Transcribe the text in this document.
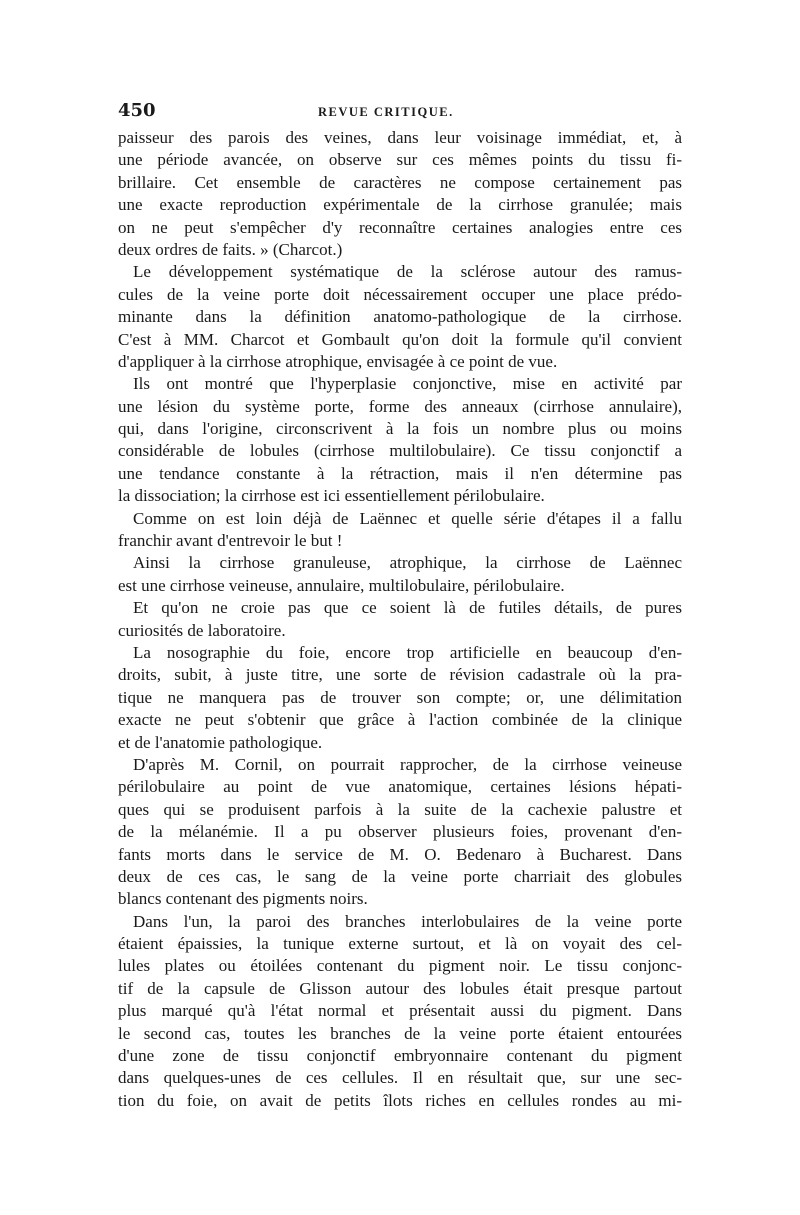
450	REVUE CRITIQUE.
paisseur des parois des veines, dans leur voisinage immédiat, et, à
une période avancée, on observe sur ces mêmes points du tissu fi-
brillaire. Cet ensemble de caractères ne compose certainement pas
une exacte reproduction expérimentale de la cirrhose granulée; mais
on ne peut s'empêcher d'y reconnaître certaines analogies entre ces
deux ordres de faits. » (Charcot.)
Le développement systématique de la sclérose autour des ramus-
cules de la veine porte doit nécessairement occuper une place prédo-
minante dans la définition anatomo-pathologique de la cirrhose.
C'est à MM. Charcot et Gombault qu'on doit la formule qu'il convient
d'appliquer à la cirrhose atrophique, envisagée à ce point de vue.
Ils ont montré que l'hyperplasie conjonctive, mise en activité par
une lésion du système porte, forme des anneaux (cirrhose annulaire),
qui, dans l'origine, circonscrivent à la fois un nombre plus ou moins
considérable de lobules (cirrhose multilobulaire). Ce tissu conjonctif a
une tendance constante à la rétraction, mais il n'en détermine pas
la dissociation; la cirrhose est ici essentiellement périlobulaire.
Comme on est loin déjà de Laënnec et quelle série d'étapes il a fallu
franchir avant d'entrevoir le but !
Ainsi la cirrhose granuleuse, atrophique, la cirrhose de Laënnec
est une cirrhose veineuse, annulaire, multilobulaire, périlobulaire.
Et qu'on ne croie pas que ce soient là de futiles détails, de pures
curiosités de laboratoire.
La nosographie du foie, encore trop artificielle en beaucoup d'en-
droits, subit, à juste titre, une sorte de révision cadastrale où la pra-
tique ne manquera pas de trouver son compte; or, une délimitation
exacte ne peut s'obtenir que grâce à l'action combinée de la clinique
et de l'anatomie pathologique.
D'après M. Cornil, on pourrait rapprocher, de la cirrhose veineuse
périlobulaire au point de vue anatomique, certaines lésions hépati-
ques qui se produisent parfois à la suite de la cachexie palustre et
de la mélanémie. Il a pu observer plusieurs foies, provenant d'en-
fants morts dans le service de M. O. Bedenaro à Bucharest. Dans
deux de ces cas, le sang de la veine porte charriait des globules
blancs contenant des pigments noirs.
Dans l'un, la paroi des branches interlobulaires de la veine porte
étaient épaissies, la tunique externe surtout, et là on voyait des cel-
lules plates ou étoilées contenant du pigment noir. Le tissu conjonc-
tif de la capsule de Glisson autour des lobules était presque partout
plus marqué qu'à l'état normal et présentait aussi du pigment. Dans
le second cas, toutes les branches de la veine porte étaient entourées
d'une zone de tissu conjonctif embryonnaire contenant du pigment
dans quelques-unes de ces cellules. Il en résultait que, sur une sec-
tion du foie, on avait de petits îlots riches en cellules rondes au mi-
